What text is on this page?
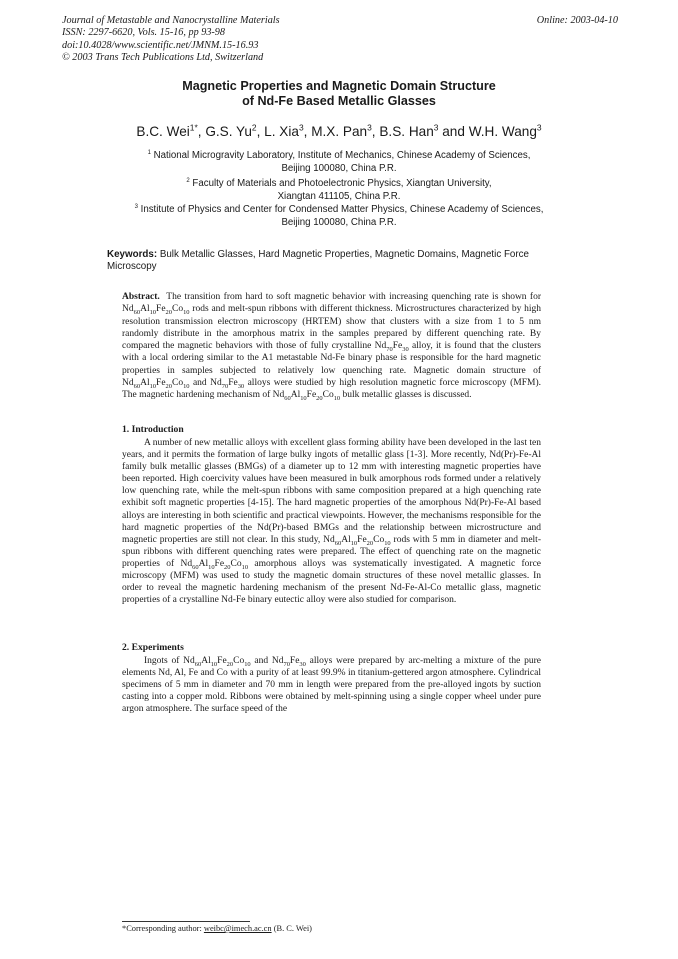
Journal of Metastable and Nanocrystalline Materials
ISSN: 2297-6620, Vols. 15-16, pp 93-98
doi:10.4028/www.scientific.net/JMNM.15-16.93
© 2003 Trans Tech Publications Ltd, Switzerland
Online: 2003-04-10
Magnetic Properties and Magnetic Domain Structure
of Nd-Fe Based Metallic Glasses
B.C. Wei$^{1*}$, G.S. Yu$^2$, L. Xia$^3$, M.X. Pan$^3$, B.S. Han$^3$ and W.H. Wang$^3$
$^1$ National Microgravity Laboratory, Institute of Mechanics, Chinese Academy of Sciences,
Beijing 100080, China P.R.
$^2$ Faculty of Materials and Photoelectronic Physics, Xiangtan University,
Xiangtan 411105, China P.R.
$^3$ Institute of Physics and Center for Condensed Matter Physics, Chinese Academy of Sciences,
Beijing 100080, China P.R.
Keywords: Bulk Metallic Glasses, Hard Magnetic Properties, Magnetic Domains, Magnetic Force Microscopy
Abstract. The transition from hard to soft magnetic behavior with increasing quenching rate is shown for $Nd_{60}Al_{10}Fe_{20}Co_{10}$ rods and melt-spun ribbons with different thickness. Microstructures characterized by high resolution transmission electron microscopy (HRTEM) show that clusters with a size from 1 to 5 nm randomly distribute in the amorphous matrix in the samples prepared by different quenching rate. By compared the magnetic behaviors with those of fully crystalline $Nd_{70}Fe_{30}$ alloy, it is found that the clusters with a local ordering similar to the A1 metastable Nd-Fe binary phase is responsible for the hard magnetic properties in samples subjected to relatively low quenching rate. Magnetic domain structure of $Nd_{60}Al_{10}Fe_{20}Co_{10}$ and $Nd_{70}Fe_{30}$ alloys were studied by high resolution magnetic force microscopy (MFM). The magnetic hardening mechanism of $Nd_{60}Al_{10}Fe_{20}Co_{10}$ bulk metallic glasses is discussed.
1. Introduction

A number of new metallic alloys with excellent glass forming ability have been developed in the last ten years, and it permits the formation of large bulky ingots of metallic glass [1-3]. More recently, Nd(Pr)-Fe-Al family bulk metallic glasses (BMGs) of a diameter up to 12 mm with interesting magnetic properties have been reported. High coercivity values have been measured in bulk amorphous rods formed under a relatively low quenching rate, while the melt-spun ribbons with same composition prepared at a high quenching rate exhibit soft magnetic properties [4-15]. The hard magnetic properties of the amorphous Nd(Pr)-Fe-Al based alloys are interesting in both scientific and practical viewpoints. However, the mechanisms responsible for the hard magnetic properties of the Nd(Pr)-based BMGs and the relationship between microstructure and magnetic properties are still not clear. In this study, $Nd_{60}Al_{10}Fe_{20}Co_{10}$ rods with 5 mm in diameter and melt-spun ribbons with different quenching rates were prepared. The effect of quenching rate on the magnetic properties of $Nd_{60}Al_{10}Fe_{20}Co_{10}$ amorphous alloys was systematically investigated. A magnetic force microscopy (MFM) was used to study the magnetic domain structures of these novel metallic glasses. In order to reveal the magnetic hardening mechanism of the present Nd-Fe-Al-Co metallic glass, magnetic properties of a crystalline Nd-Fe binary eutectic alloy were also studied for comparison.

2. Experiments

Ingots of $Nd_{60}Al_{10}Fe_{20}Co_{10}$ and $Nd_{70}Fe_{30}$ alloys were prepared by arc-melting a mixture of the pure elements Nd, Al, Fe and Co with a purity of at least 99.9% in titanium-gettered argon atmosphere. Cylindrical specimens of 5 mm in diameter and 70 mm in length were prepared from the pre-alloyed ingots by suction casting into a copper mold. Ribbons were obtained by melt-spinning using a single copper wheel under pure argon atmosphere. The surface speed of the

*Corresponding author: weibc@imech.ac.cn (B. C. Wei)
